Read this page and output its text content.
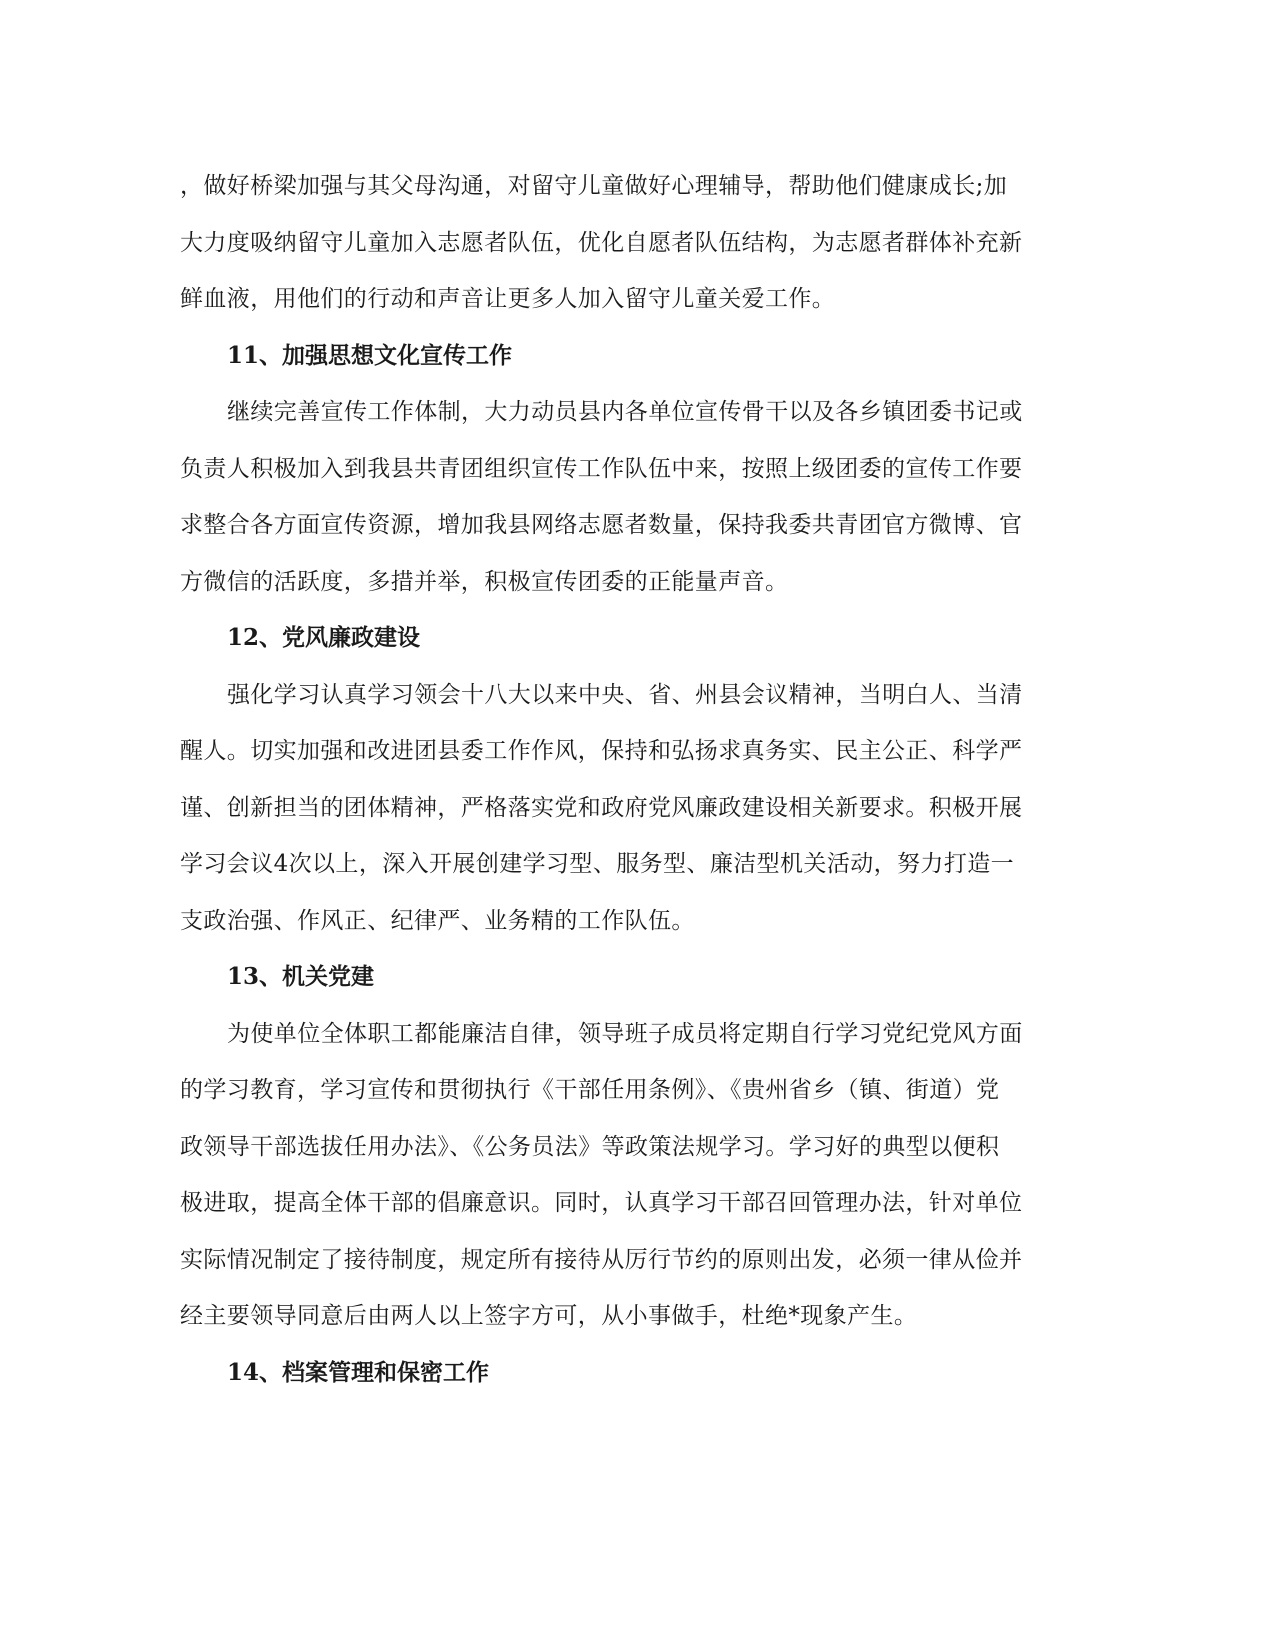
，做好桥梁加强与其父母沟通，对留守儿童做好心理辅导，帮助他们健康成长;加
大力度吸纳留守儿童加入志愿者队伍，优化自愿者队伍结构，为志愿者群体补充新
鲜血液，用他们的行动和声音让更多人加入留守儿童关爱工作。

11、加强思想文化宣传工作

继续完善宣传工作体制，大力动员县内各单位宣传骨干以及各乡镇团委书记或
负责人积极加入到我县共青团组织宣传工作队伍中来，按照上级团委的宣传工作要
求整合各方面宣传资源，增加我县网络志愿者数量，保持我委共青团官方微博、官
方微信的活跃度，多措并举，积极宣传团委的正能量声音。

12、党风廉政建设

强化学习认真学习领会十八大以来中央、省、州县会议精神，当明白人、当清
醒人。切实加强和改进团县委工作作风，保持和弘扬求真务实、民主公正、科学严
谨、创新担当的团体精神，严格落实党和政府党风廉政建设相关新要求。积极开展
学习会议4次以上，深入开展创建学习型、服务型、廉洁型机关活动，努力打造一
支政治强、作风正、纪律严、业务精的工作队伍。

13、机关党建

为使单位全体职工都能廉洁自律，领导班子成员将定期自行学习党纪党风方面
的学习教育，学习宣传和贯彻执行《干部任用条例》、《贵州省乡（镇、街道）党
政领导干部选拔任用办法》、《公务员法》等政策法规学习。学习好的典型以便积
极进取，提高全体干部的倡廉意识。同时，认真学习干部召回管理办法，针对单位
实际情况制定了接待制度，规定所有接待从厉行节约的原则出发，必须一律从俭并
经主要领导同意后由两人以上签字方可，从小事做手，杜绝*现象产生。

14、档案管理和保密工作
